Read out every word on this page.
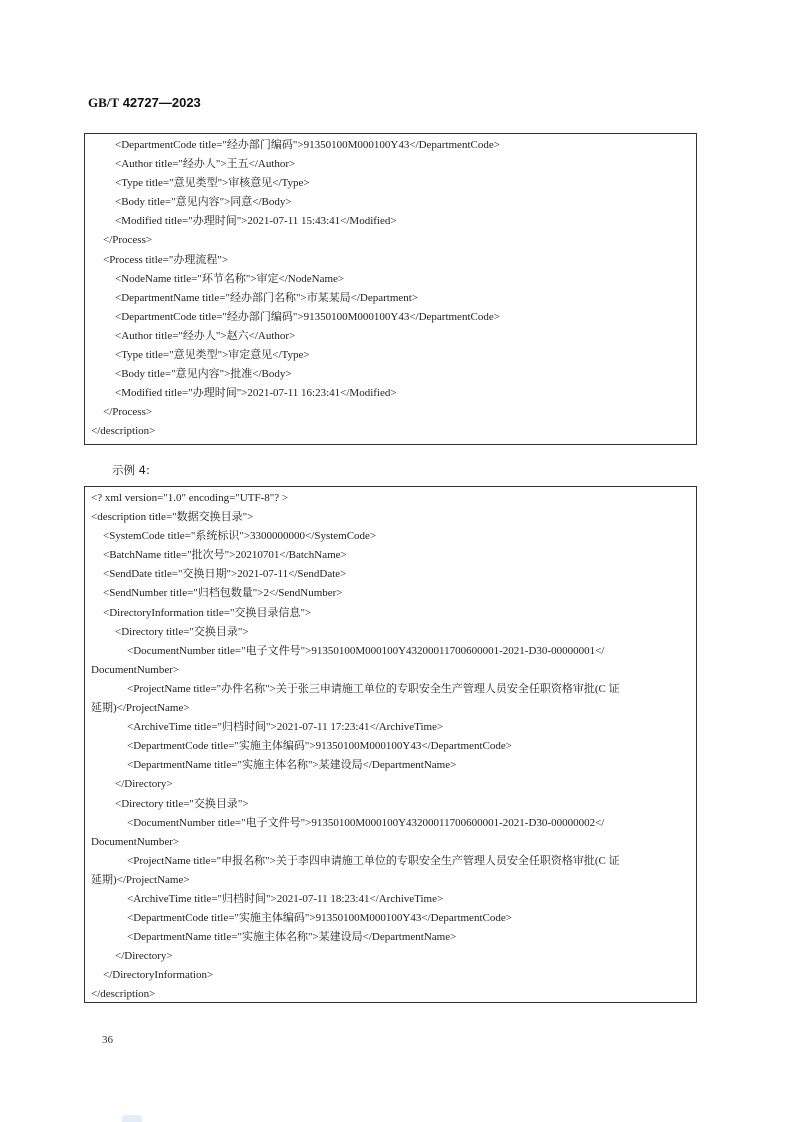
GB/T 42727—2023
<DepartmentCode title="经办部门编码">91350100M000100Y43</DepartmentCode>
<Author title="经办人">王五</Author>
<Type title="意见类型">审核意见</Type>
<Body title="意见内容">同意</Body>
<Modified title="办理时间">2021-07-11 15:43:41</Modified>
</Process>
<Process title="办理流程">
<NodeName title="环节名称">审定</NodeName>
<DepartmentName title="经办部门名称">市某某局</Department>
<DepartmentCode title="经办部门编码">91350100M000100Y43</DepartmentCode>
<Author title="经办人">赵六</Author>
<Type title="意见类型">审定意见</Type>
<Body title="意见内容">批准</Body>
<Modified title="办理时间">2021-07-11 16:23:41</Modified>
</Process>
</description>
示例 4:
<? xml version="1.0" encoding="UTF-8"? >
<description title="数据交换目录">
<SystemCode title="系统标识">3300000000</SystemCode>
<BatchName title="批次号">20210701</BatchName>
<SendDate title="交换日期">2021-07-11</SendDate>
<SendNumber title="归档包数量">2</SendNumber>
<DirectoryInformation title="交换目录信息">
<Directory title="交换目录">
<DocumentNumber title="电子文件号">91350100M000100Y43200011700600001-2021-D30-00000001</
DocumentNumber>
<ProjectName title="办件名称">关于张三申请施工单位的专职安全生产管理人员安全任职资格审批(C 证
延期)</ProjectName>
<ArchiveTime title="归档时间">2021-07-11 17:23:41</ArchiveTime>
<DepartmentCode title="实施主体编码">91350100M000100Y43</DepartmentCode>
<DepartmentName title="实施主体名称">某建设局</DepartmentName>
</Directory>
<Directory title="交换目录">
<DocumentNumber title="电子文件号">91350100M000100Y43200011700600001-2021-D30-00000002</
DocumentNumber>
<ProjectName title="申报名称">关于李四申请施工单位的专职安全生产管理人员安全任职资格审批(C 证
延期)</ProjectName>
<ArchiveTime title="归档时间">2021-07-11 18:23:41</ArchiveTime>
<DepartmentCode title="实施主体编码">91350100M000100Y43</DepartmentCode>
<DepartmentName title="实施主体名称">某建设局</DepartmentName>
</Directory>
</DirectoryInformation>
</description>
36
